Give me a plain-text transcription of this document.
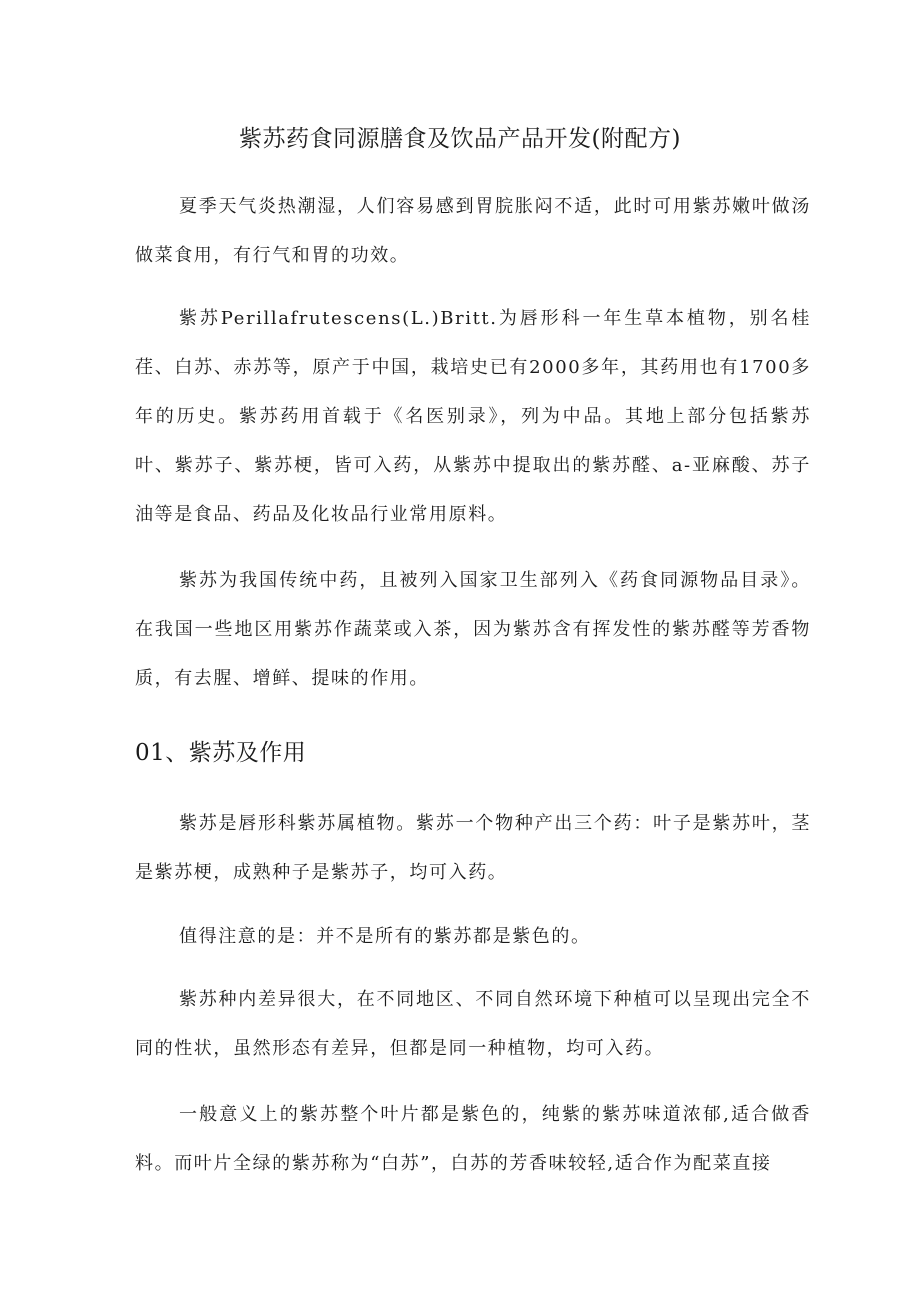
紫苏药食同源膳食及饮品产品开发(附配方)

夏季天气炎热潮湿，人们容易感到胃脘胀闷不适，此时可用紫苏嫩叶做汤做菜食用，有行气和胃的功效。

紫苏Perillafrutescens(L.)Britt.为唇形科一年生草本植物，别名桂荏、白苏、赤苏等，原产于中国，栽培史已有2000多年，其药用也有1700多年的历史。紫苏药用首载于《名医别录》，列为中品。其地上部分包括紫苏叶、紫苏子、紫苏梗，皆可入药，从紫苏中提取出的紫苏醛、a-亚麻酸、苏子油等是食品、药品及化妆品行业常用原料。

紫苏为我国传统中药，且被列入国家卫生部列入《药食同源物品目录》。在我国一些地区用紫苏作蔬菜或入茶，因为紫苏含有挥发性的紫苏醛等芳香物质，有去腥、增鲜、提味的作用。

01、紫苏及作用

紫苏是唇形科紫苏属植物。紫苏一个物种产出三个药：叶子是紫苏叶，茎是紫苏梗，成熟种子是紫苏子，均可入药。

值得注意的是：并不是所有的紫苏都是紫色的。

紫苏种内差异很大，在不同地区、不同自然环境下种植可以呈现出完全不同的性状，虽然形态有差异，但都是同一种植物，均可入药。

一般意义上的紫苏整个叶片都是紫色的，纯紫的紫苏味道浓郁,适合做香料。而叶片全绿的紫苏称为“白苏”，白苏的芳香味较轻,适合作为配菜直接
